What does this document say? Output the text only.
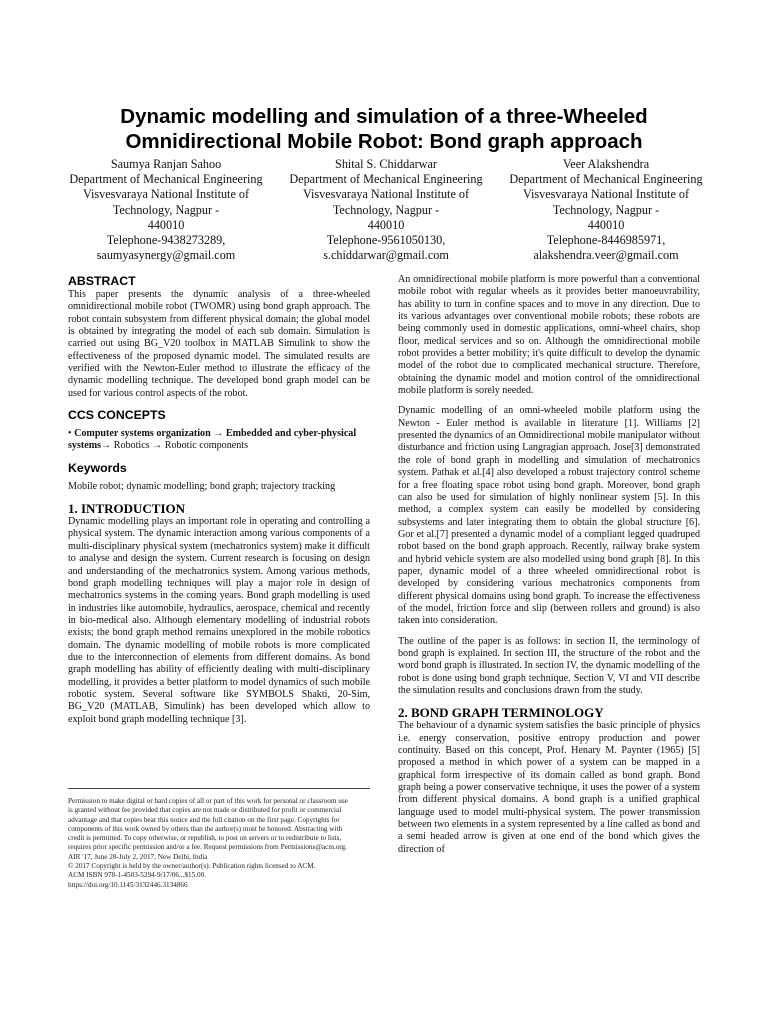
Dynamic modelling and simulation of a three-Wheeled
Omnidirectional Mobile Robot: Bond graph approach
Saumya Ranjan Sahoo
Department of Mechanical Engineering
Visvesvaraya National Institute of
Technology, Nagpur -
440010
Telephone-9438273289,
saumyasynergy@gmail.com
Shital S. Chiddarwar
Department of Mechanical Engineering
Visvesvaraya National Institute of
Technology, Nagpur -
440010
Telephone-9561050130,
s.chiddarwar@gmail.com
Veer Alakshendra
Department of Mechanical Engineering
Visvesvaraya National Institute of
Technology, Nagpur -
440010
Telephone-8446985971,
alakshendra.veer@gmail.com
ABSTRACT

This paper presents the dynamic analysis of a three-wheeled omnidirectional mobile robot (TWOMR) using bond graph approach. The robot contain subsystem from different physical domain; the global model is obtained by integrating the model of each sub domain. Simulation is carried out using BG_V20 toolbox in MATLAB Simulink to show the effectiveness of the proposed dynamic model. The simulated results are verified with the Newton-Euler method to illustrate the efficacy of the dynamic modelling technique. The developed bond graph model can be used for various control aspects of the robot.

CCS CONCEPTS

• Computer systems organization → Embedded and cyber-physical systems→ Robotics → Robotic components

Keywords

Mobile robot; dynamic modelling; bond graph; trajectory tracking

1. INTRODUCTION

Dynamic modelling plays an important role in operating and controlling a physical system. The dynamic interaction among various components of a multi-disciplinary physical system (mechatronics system) make it difficult to analyse and design the system. Current research is focusing on design and understanding of the mechatronics system. Among various methods, bond graph modelling techniques will play a major role in design of mechatronics systems in the coming years. Bond graph modelling is used in industries like automobile, hydraulics, aerospace, chemical and recently in bio-medical also. Although elementary modelling of industrial robots exists; the bond graph method remains unexplored in the mobile robotics domain. The dynamic modelling of mobile robots is more complicated due to the interconnection of elements from different domains. As bond graph modelling has ability of efficiently dealing with multi-disciplinary modelling, it provides a better platform to model dynamics of such mobile robotic system. Several software like SYMBOLS Shakti, 20-Sim, BG_V20 (MATLAB, Simulink) has been developed which allow to exploit bond graph modelling technique [3].

Permission to make digital or hard copies of all or part of this work for personal or classroom use
is granted without fee provided that copies are not made or distributed for profit or commercial
advantage and that copies bear this notice and the full citation on the first page. Copyrights for
components of this work owned by others than the author(s) must be honored. Abstracting with
credit is permitted. To copy otherwise, or republish, to post on servers or to redistribute to lists,
requires prior specific permission and/or a fee. Request permissions from Permissions@acm.org.
AIR '17, June 28-July 2, 2017, New Delhi, India
© 2017 Copyright is held by the owner/author(s). Publication rights licensed to ACM.
ACM ISBN 978-1-4503-5294-9/17/06...$15.00.
https://doi.org/10.1145/3132446.3134866

An omnidirectional mobile platform is more powerful than a conventional mobile robot with regular wheels as it provides better manoeuvrability, has ability to turn in confine spaces and to move in any direction. Due to its various advantages over conventional mobile robots; these robots are being commonly used in domestic applications, omni-wheel chairs, shop floor, medical services and so on. Although the omnidirectional mobile robot provides a better mobility; it's quite difficult to develop the dynamic model of the robot due to complicated mechanical structure. Therefore, obtaining the dynamic model and motion control of the omnidirectional mobile platform is sorely needed.

Dynamic modelling of an omni-wheeled mobile platform using the Newton - Euler method is available in literature [1]. Williams [2] presented the dynamics of an Omnidirectional mobile manipulator without disturbance and friction using Langragian approach. Jose[3] demonstrated the role of bond graph in modelling and simulation of mechatronics system. Pathak et al.[4] also developed a robust trajectory control scheme for a free floating space robot using bond graph. Moreover, bond graph can also be used for simulation of highly nonlinear system [5]. In this method, a complex system can easily be modelled by considering subsystems and later integrating them to obtain the global structure [6]. Gor et al.[7] presented a dynamic model of a compliant legged quadruped robot based on the bond graph approach. Recently, railway brake system and hybrid vehicle system are also modelled using bond graph [8]. In this paper, dynamic model of a three wheeled omnidirectional robot is developed by considering various mechatronics components from different physical domains using bond graph. To increase the effectiveness of the model, friction force and slip (between rollers and ground) is also taken into consideration.

The outline of the paper is as follows: in section II, the terminology of bond graph is explained. In section III, the structure of the robot and the word bond graph is illustrated. In section IV, the dynamic modelling of the robot is done using bond graph technique. Section V, VI and VII describe the simulation results and conclusions drawn from the study.

2. BOND GRAPH TERMINOLOGY

The behaviour of a dynamic system satisfies the basic principle of physics i.e. energy conservation, positive entropy production and power continuity. Based on this concept, Prof. Henary M. Paynter (1965) [5] proposed a method in which power of a system can be mapped in a graphical form irrespective of its domain called as bond graph. Bond graph being a power conservative technique, it uses the power of a system from different physical domains. A bond graph is a unified graphical language used to model multi-physical system. The power transmission between two elements in a system represented by a line called as bond and a semi headed arrow is given at one end of the bond which gives the direction of
